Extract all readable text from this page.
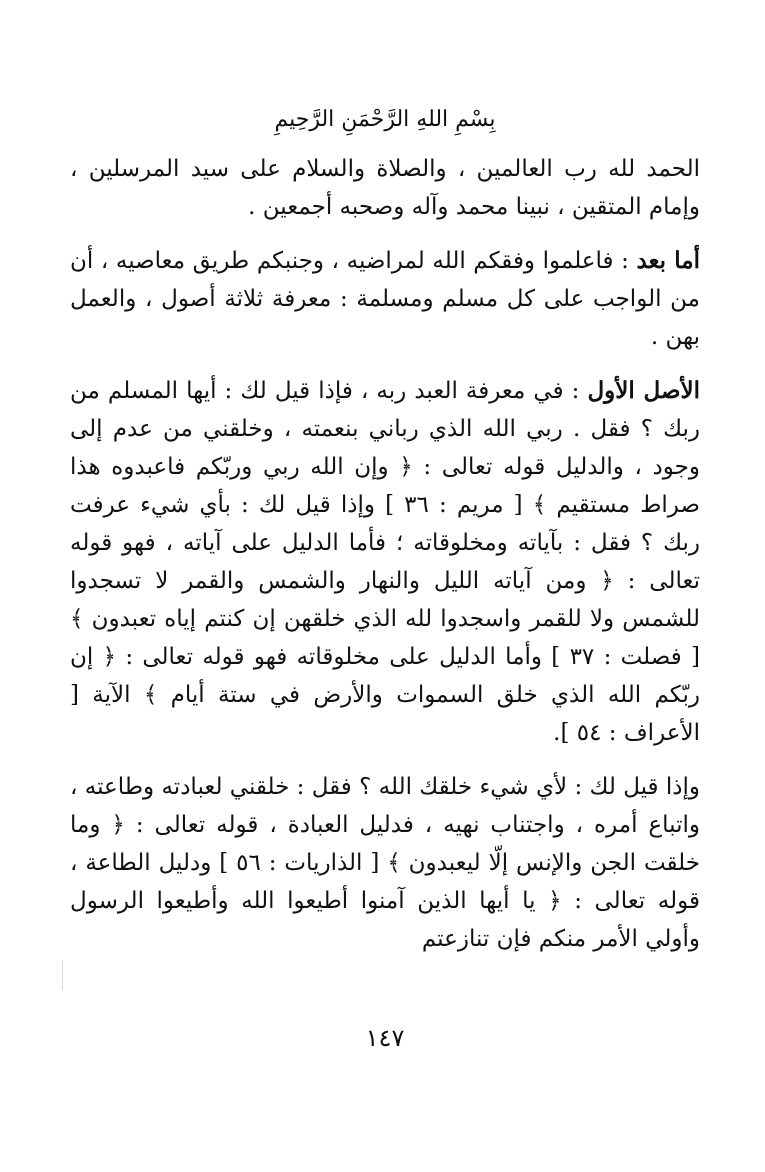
بِسْمِ اللهِ الرَّحْمَنِ الرَّحِيمِ

الحمد لله رب العالمين ، والصلاة والسلام على سيد المرسلين ، وإمام المتقين ، نبينا محمد وآله وصحبه أجمعين .

أما بعد : فاعلموا وفقكم الله لمراضيه ، وجنبكم طريق معاصيه ، أن من الواجب على كل مسلم ومسلمة : معرفة ثلاثة أصول ، والعمل بهن .

الأصل الأول : في معرفة العبد ربه ، فإذا قيل لك : أيها المسلم من ربك ؟ فقل . ربي الله الذي رباني بنعمته ، وخلقني من عدم إلى وجود ، والدليل قوله تعالى : ﴿ وإن الله ربي وربّكم فاعبدوه هذا صراط مستقيم ﴾ [ مريم : ٣٦ ] وإذا قيل لك : بأي شيء عرفت ربك ؟ فقل : بآياته ومخلوقاته ؛ فأما الدليل على آياته ، فهو قوله تعالى : ﴿ ومن آياته الليل والنهار والشمس والقمر لا تسجدوا للشمس ولا للقمر واسجدوا لله الذي خلقهن إن كنتم إياه تعبدون ﴾ [ فصلت : ٣٧ ] وأما الدليل على مخلوقاته فهو قوله تعالى : ﴿ إن ربّكم الله الذي خلق السموات والأرض في ستة أيام ﴾ الآية [ الأعراف : ٥٤ ].

وإذا قيل لك : لأي شيء خلقك الله ؟ فقل : خلقني لعبادته وطاعته ، واتباع أمره ، واجتناب نهيه ، فدليل العبادة ، قوله تعالى : ﴿ وما خلقت الجن والإنس إلّا ليعبدون ﴾ [ الذاريات : ٥٦ ] ودليل الطاعة ، قوله تعالى : ﴿ يا أيها الذين آمنوا أطيعوا الله وأطيعوا الرسول وأولي الأمر منكم فإن تنازعتم

١٤٧
